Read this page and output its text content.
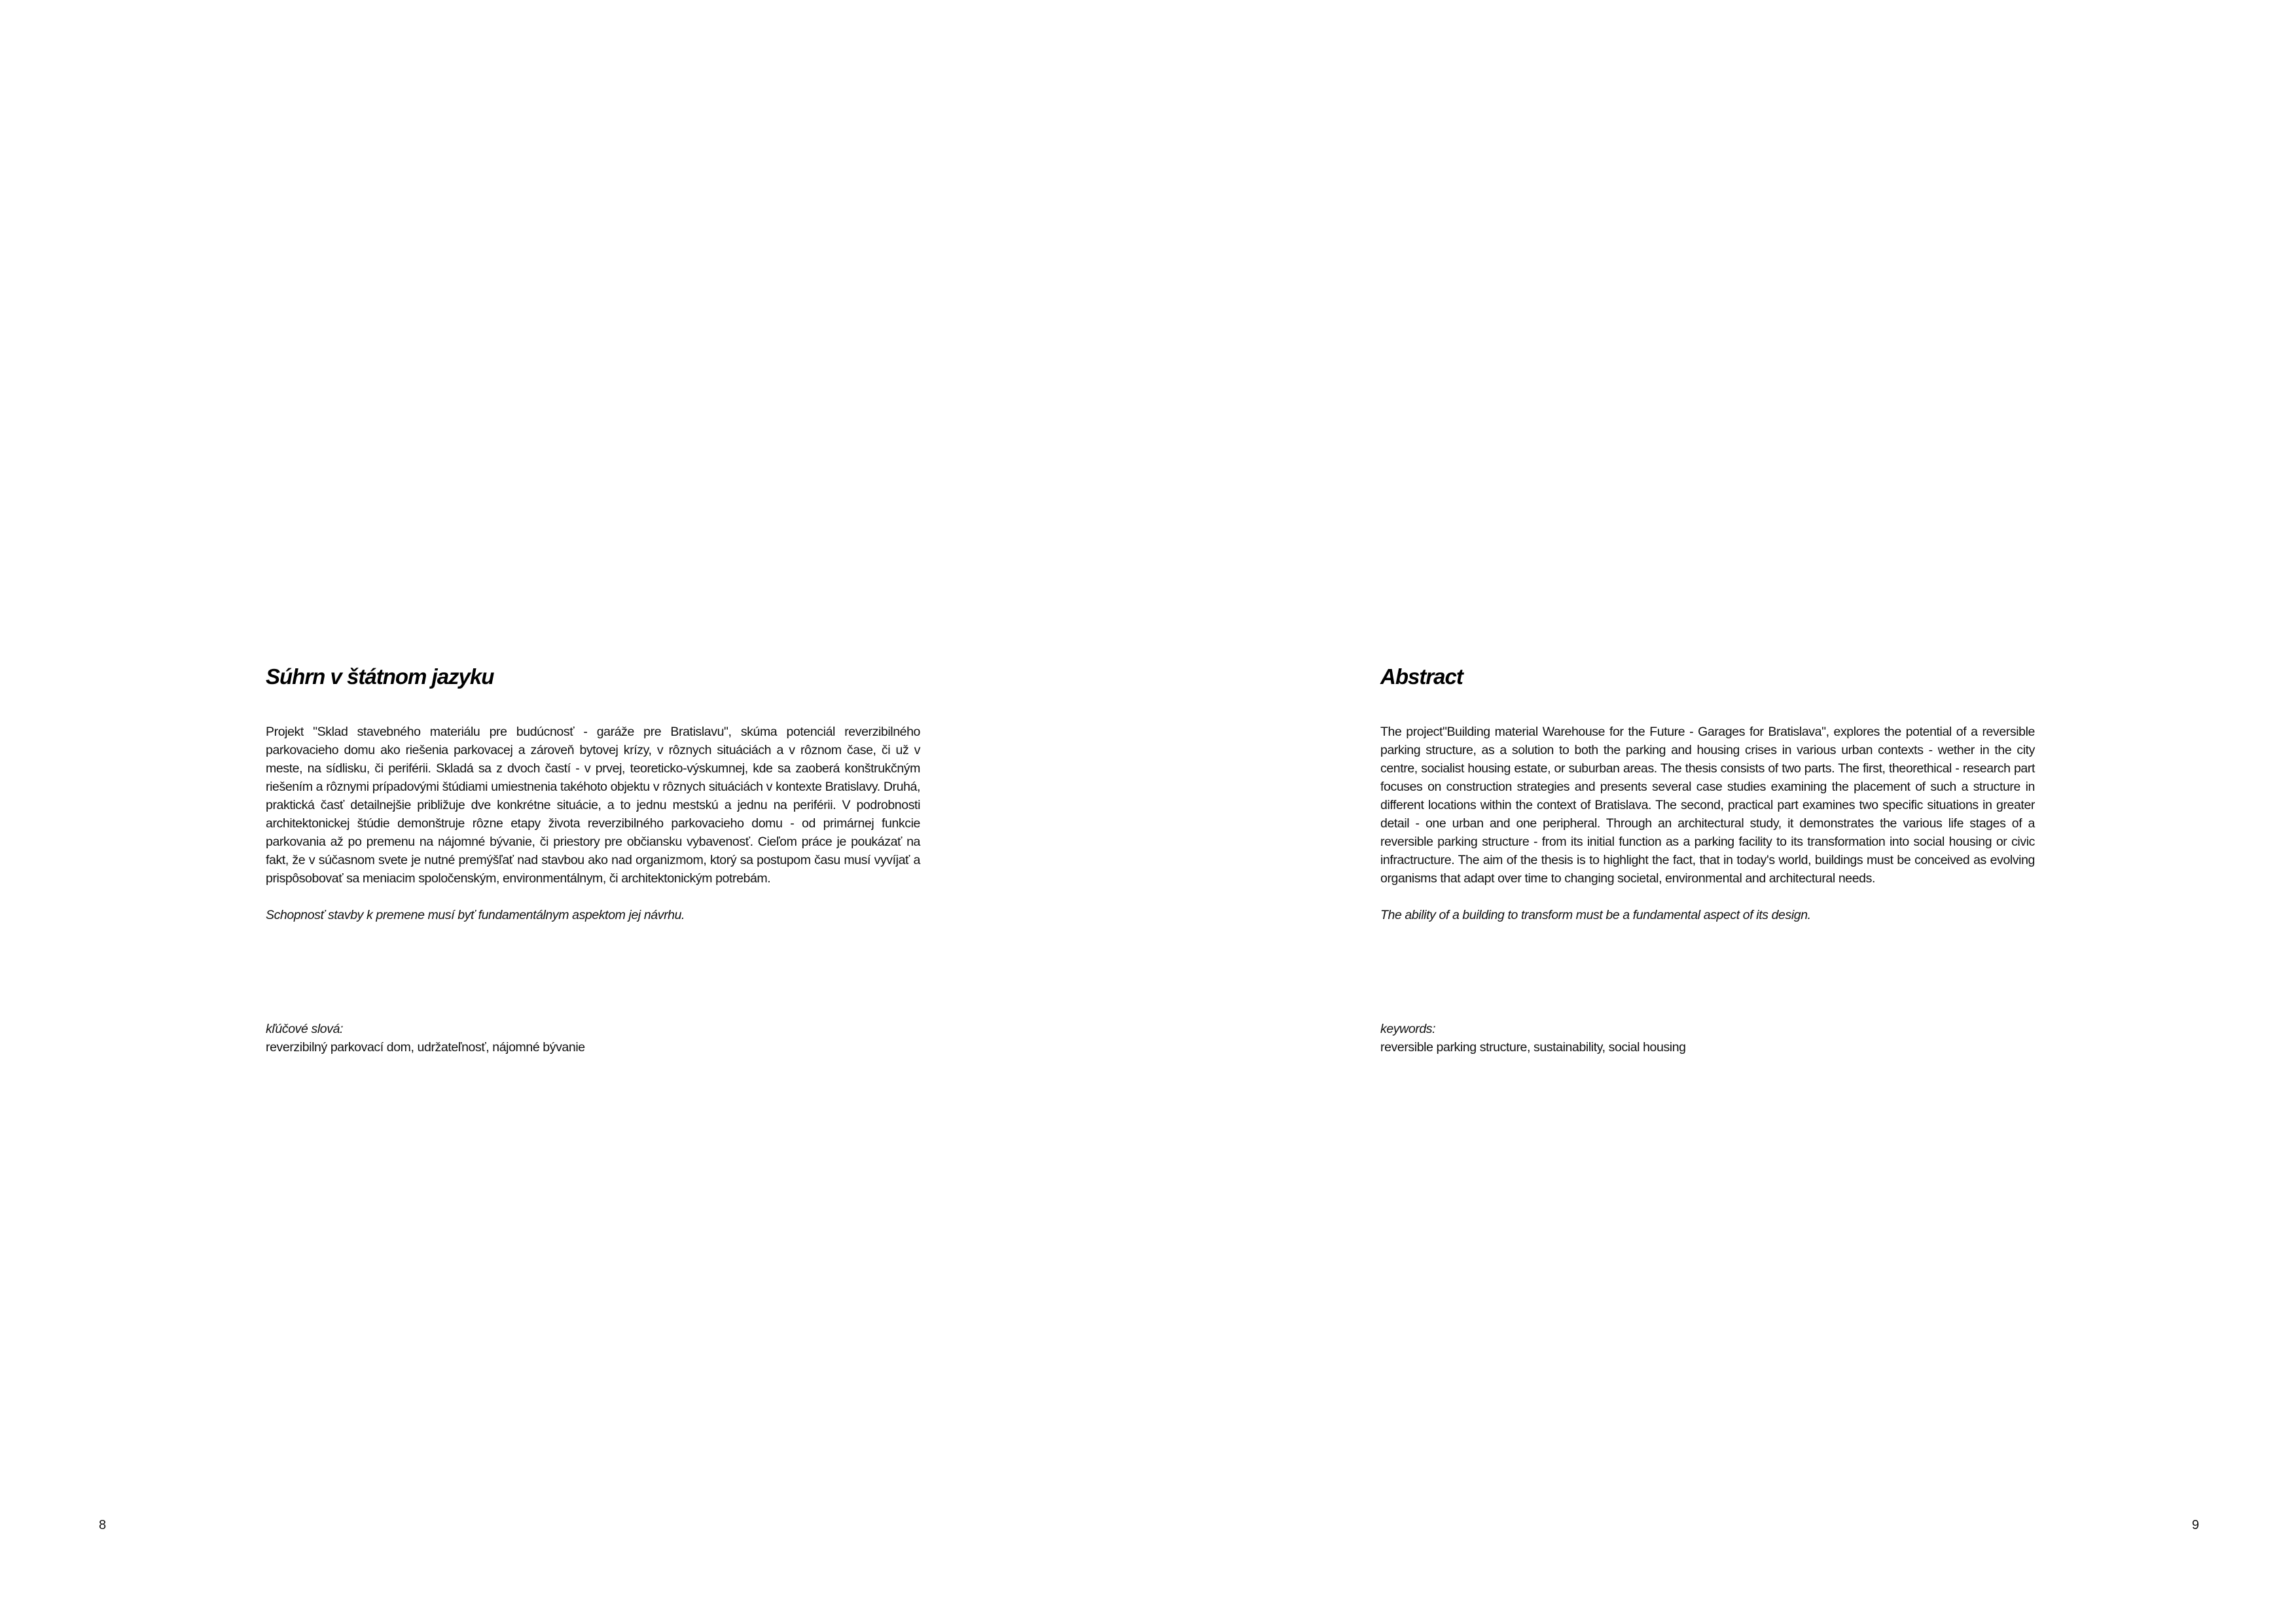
Súhrn v štátnom jazyku

Projekt "Sklad stavebného materiálu pre budúcnosť - garáže pre Bratislavu", skúma potenciál reverzibilného parkovacieho domu ako riešenia parkovacej a zároveň bytovej krízy, v rôznych situáciách a v rôznom čase, či už v meste, na sídlisku, či periférii. Skladá sa z dvoch častí - v prvej, teoreticko-výskumnej, kde sa zaoberá konštrukčným riešením a rôznymi prípadovými štúdiami umiestnenia takéhoto objektu v rôznych situáciách v kontexte Bratislavy. Druhá, praktická časť detailnejšie približuje dve konkrétne situácie, a to jednu mestskú a jednu na periférii. V podrobnosti architektonickej štúdie demonštruje rôzne etapy života reverzibilného parkovacieho domu - od primárnej funkcie parkovania až po premenu na nájomné bývanie, či priestory pre občiansku vybavenosť. Cieľom práce je poukázať na fakt, že v súčasnom svete je nutné premýšľať nad stavbou ako nad organizmom, ktorý sa postupom času musí vyvíjať a prispôsobovať sa meniacim spoločenským, environmentálnym, či architektonickým potrebám.

Schopnosť stavby k premene musí byť fundamentálnym aspektom jej návrhu.

kľúčové slová:
reverzibilný parkovací dom, udržateľnosť, nájomné bývanie
8
Abstract

The project"Building material Warehouse for the Future - Garages for Bratislava", explores the potential of a reversible parking structure, as a solution to both the parking and housing crises in various urban contexts - wether in the city centre, socialist housing estate, or suburban areas. The thesis consists of two parts. The first, theorethical - research part focuses on construction strategies and presents several case studies examining the placement of such a structure in different locations within the context of Bratislava. The second, practical part examines two specific situations in greater detail - one urban and one peripheral. Through an architectural study, it demonstrates the various life stages of a reversible parking structure - from its initial function as a parking facility to its transformation into social housing or civic infractructure. The aim of the thesis is to highlight the fact, that in today's world, buildings must be conceived as evolving organisms that adapt over time to changing societal, environmental and architectural needs.

The ability of a building to transform must be a fundamental aspect of its design.

keywords:
reversible parking structure, sustainability, social housing
9
